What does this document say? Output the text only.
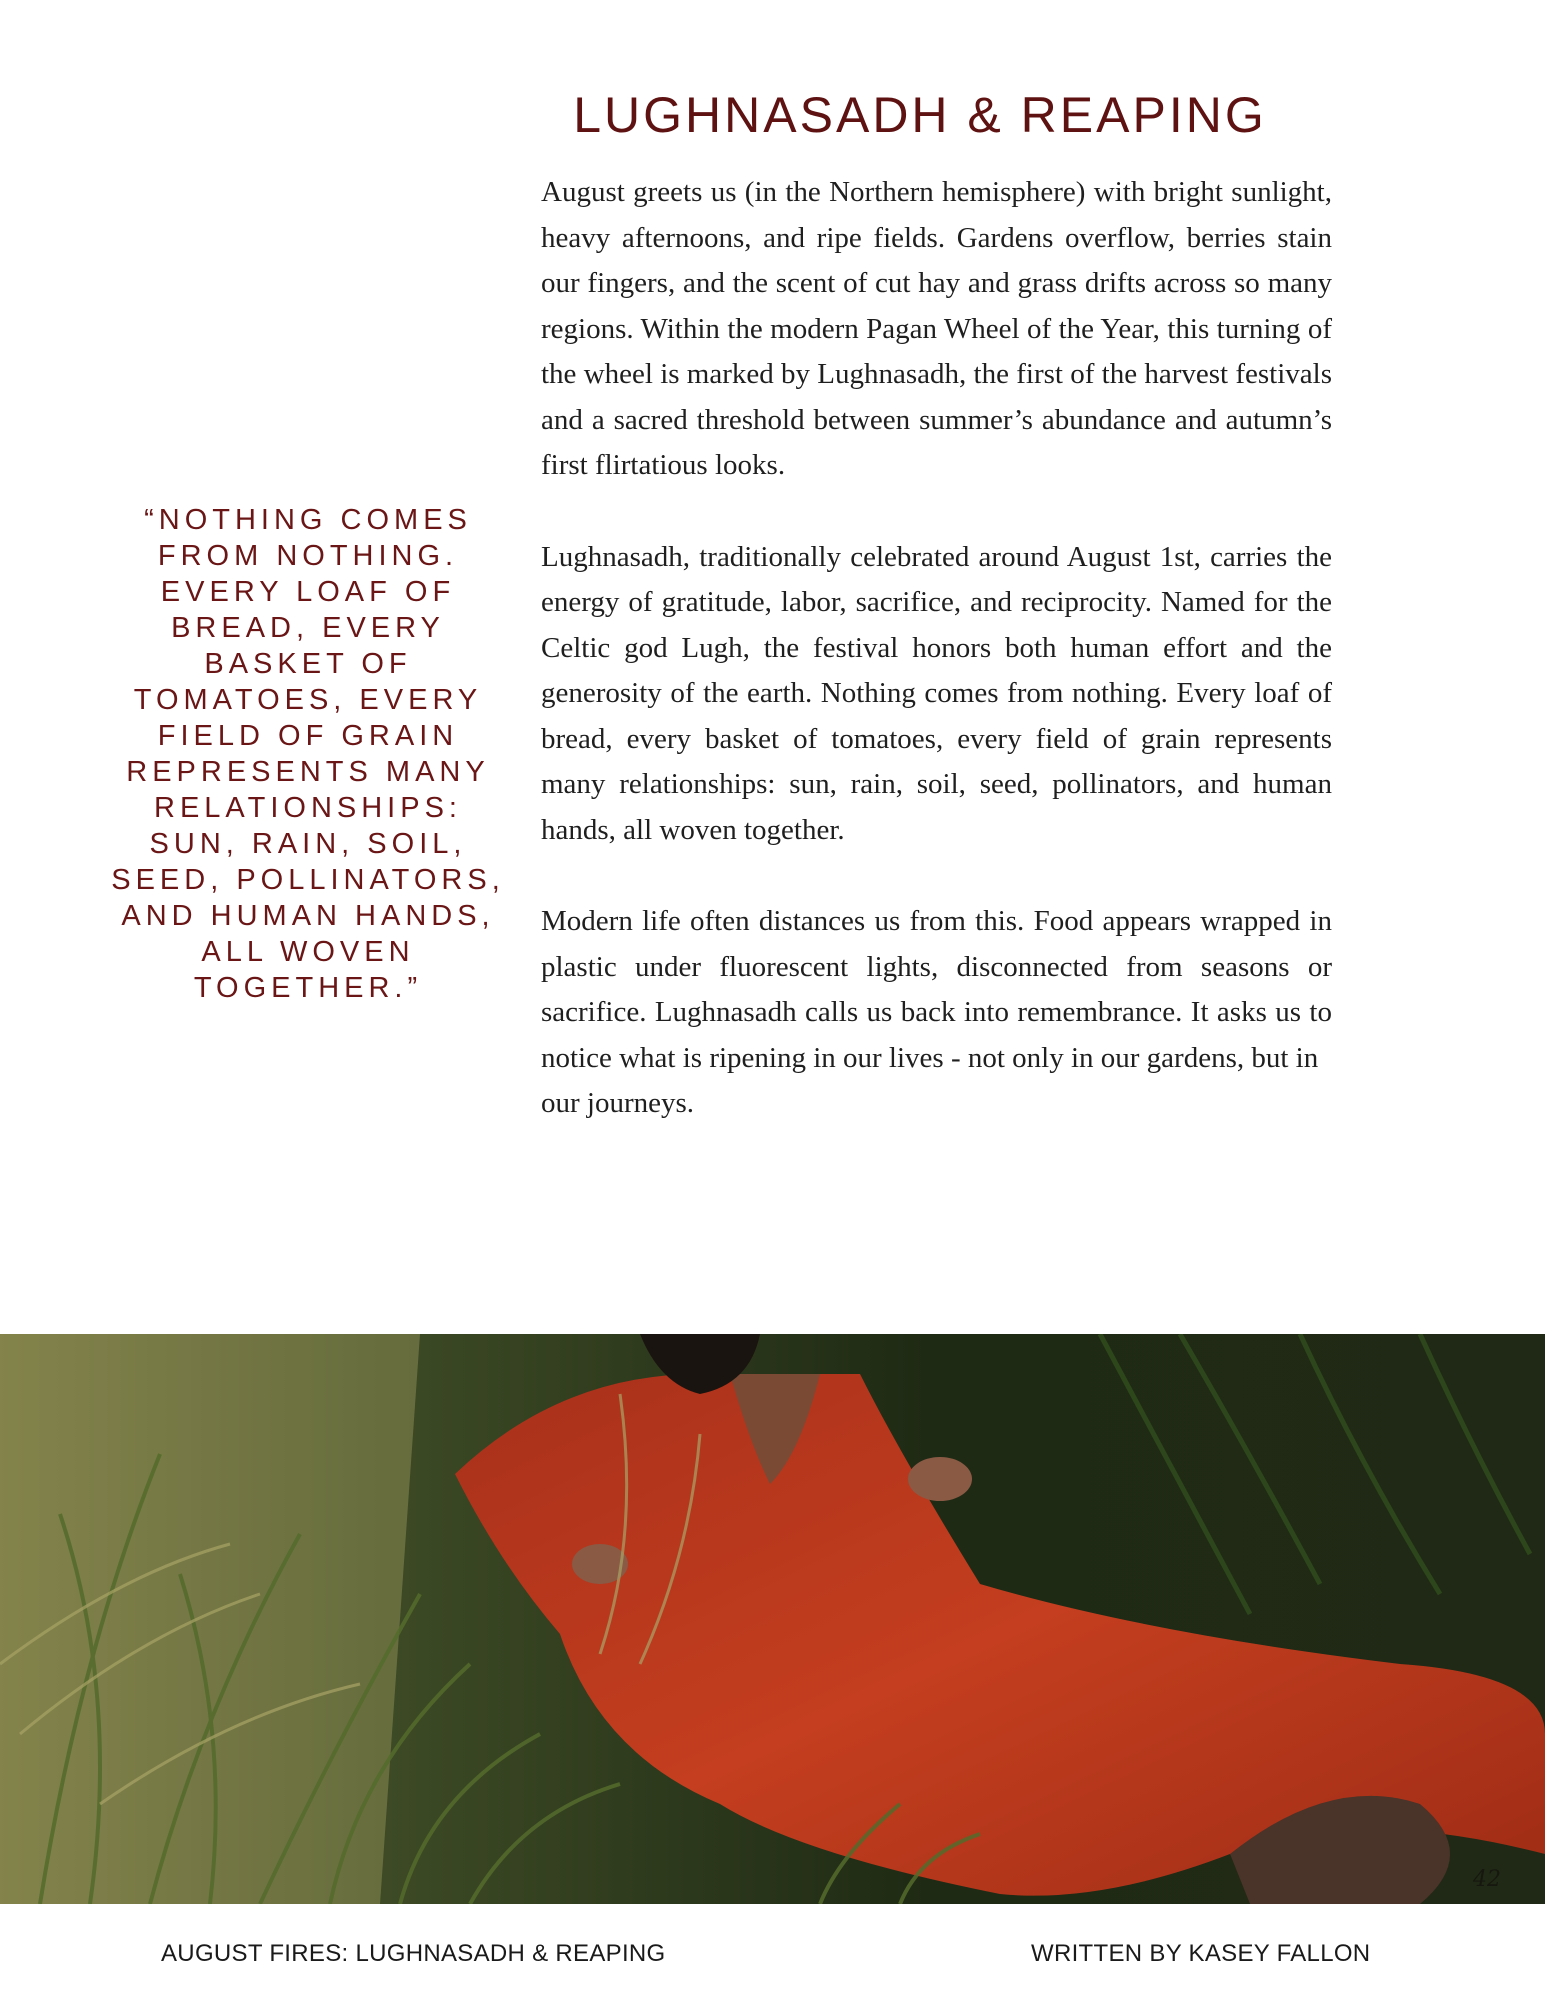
LUGHNASADH & REAPING
“NOTHING COMES FROM NOTHING. EVERY LOAF OF BREAD, EVERY BASKET OF TOMATOES, EVERY FIELD OF GRAIN REPRESENTS MANY RELATIONSHIPS: SUN, RAIN, SOIL, SEED, POLLINATORS, AND HUMAN HANDS, ALL WOVEN TOGETHER.”

August greets us (in the Northern hemisphere) with bright sunlight, heavy afternoons, and ripe fields. Gardens overflow, berries stain our fingers, and the scent of cut hay and grass drifts across so many regions. Within the modern Pagan Wheel of the Year, this turning of the wheel is marked by Lughnasadh, the first of the harvest festivals and a sacred threshold between summer’s abundance and autumn’s first flirtatious looks.

Lughnasadh, traditionally celebrated around August 1st, carries the energy of gratitude, labor, sacrifice, and reciprocity. Named for the Celtic god Lugh, the festival honors both human effort and the generosity of the earth. Nothing comes from nothing. Every loaf of bread, every basket of tomatoes, every field of grain represents many relationships: sun, rain, soil, seed, pollinators, and human hands, all woven together.

Modern life often distances us from this. Food appears wrapped in plastic under fluorescent lights, disconnected from seasons or sacrifice. Lughnasadh calls us back into remembrance. It asks us to notice what is ripening in our lives - not only in our gardens, but in

our journeys.

42
AUGUST FIRES: LUGHNASADH & REAPING	WRITTEN BY KASEY FALLON
